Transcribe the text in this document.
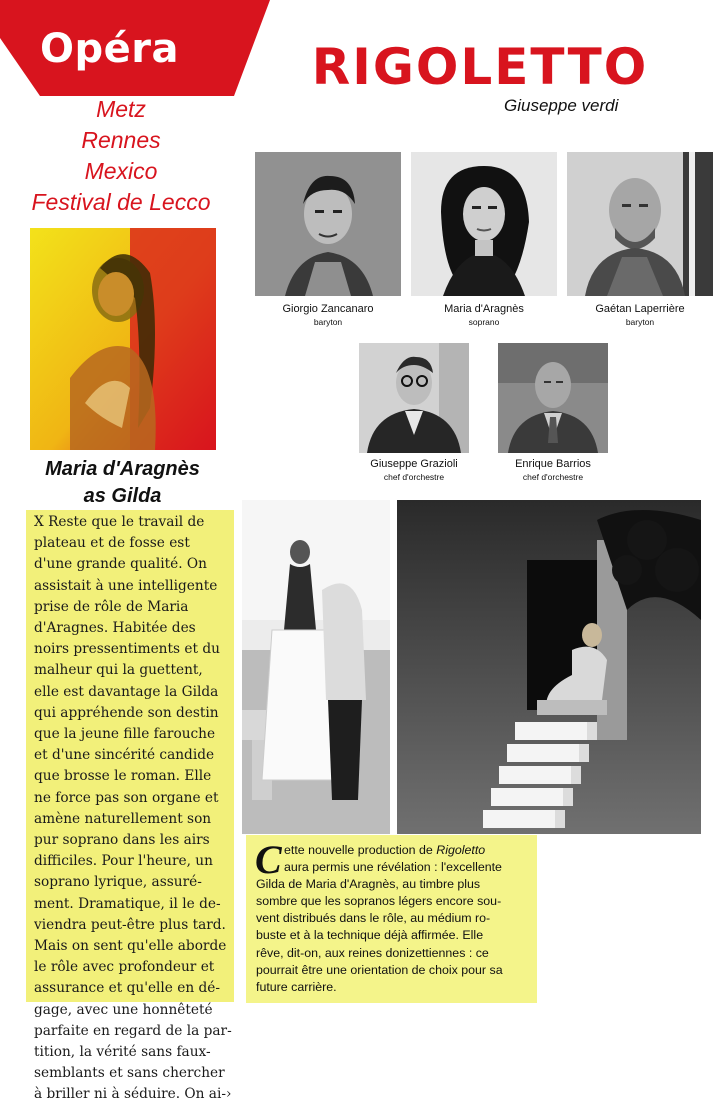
Opéra
Metz
Rennes
Mexico
Festival de Lecco
RIGOLETTO
Giuseppe verdi
Maria d'Aragnès
as Gilda
Giorgio Zancanaro
baryton
Maria d'Aragnès
soprano
Gaétan Laperrière
baryton
Giuseppe Grazioli
chef d'orchestre
Enrique Barrios
chef d'orchestre
X Reste que le travail de
plateau et de fosse est
d'une grande qualité. On
assistait à une intelligente
prise de rôle de Maria
d'Aragnes. Habitée des
noirs pressentiments et du
malheur qui la guettent,
elle est davantage la Gilda
qui appréhende son destin
que la jeune fille farouche
et d'une sincérité candide
que brosse le roman. Elle
ne force pas son organe et
amène naturellement son
pur soprano dans les airs
difficiles. Pour l'heure, un
soprano lyrique, assuré-
ment. Dramatique, il le de-
viendra peut-être plus tard.
Mais on sent qu'elle aborde
le rôle avec profondeur et
assurance et qu'elle en dé-
gage, avec une honnêteté
parfaite en regard de la par-
tition, la vérité sans faux-
semblants et sans chercher
à briller ni à séduire. On ai-›
C ette nouvelle production de Rigoletto
aura permis une révélation : l'excellente
Gilda de Maria d'Aragnès, au timbre plus
sombre que les sopranos légers encore sou-
vent distribués dans le rôle, au médium ro-
buste et à la technique déjà affirmée. Elle
rêve, dit-on, aux reines donizettiennes : ce
pourrait être une orientation de choix pour sa
future carrière.
